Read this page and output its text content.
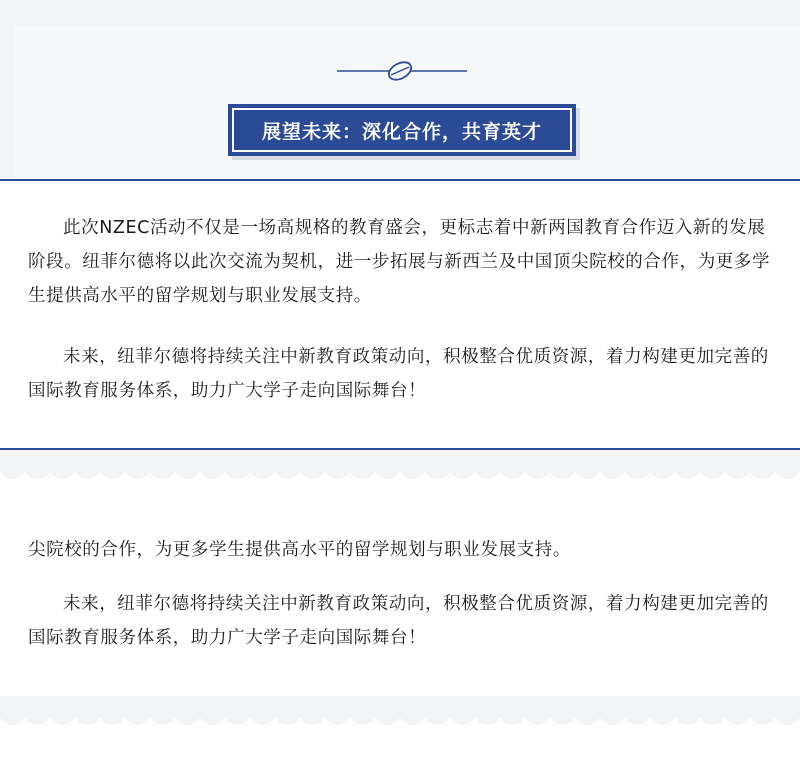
展望未来：深化合作，共育英才

此次NZEC活动不仅是一场高规格的教育盛会，更标志着中新两国教育合作迈入新的发展阶段。纽菲尔德将以此次交流为契机，进一步拓展与新西兰及中国顶尖院校的合作，为更多学生提供高水平的留学规划与职业发展支持。

未来，纽菲尔德将持续关注中新教育政策动向，积极整合优质资源，着力构建更加完善的国际教育服务体系，助力广大学子走向国际舞台！

尖院校的合作，为更多学生提供高水平的留学规划与职业发展支持。

未来，纽菲尔德将持续关注中新教育政策动向，积极整合优质资源，着力构建更加完善的国际教育服务体系，助力广大学子走向国际舞台！
